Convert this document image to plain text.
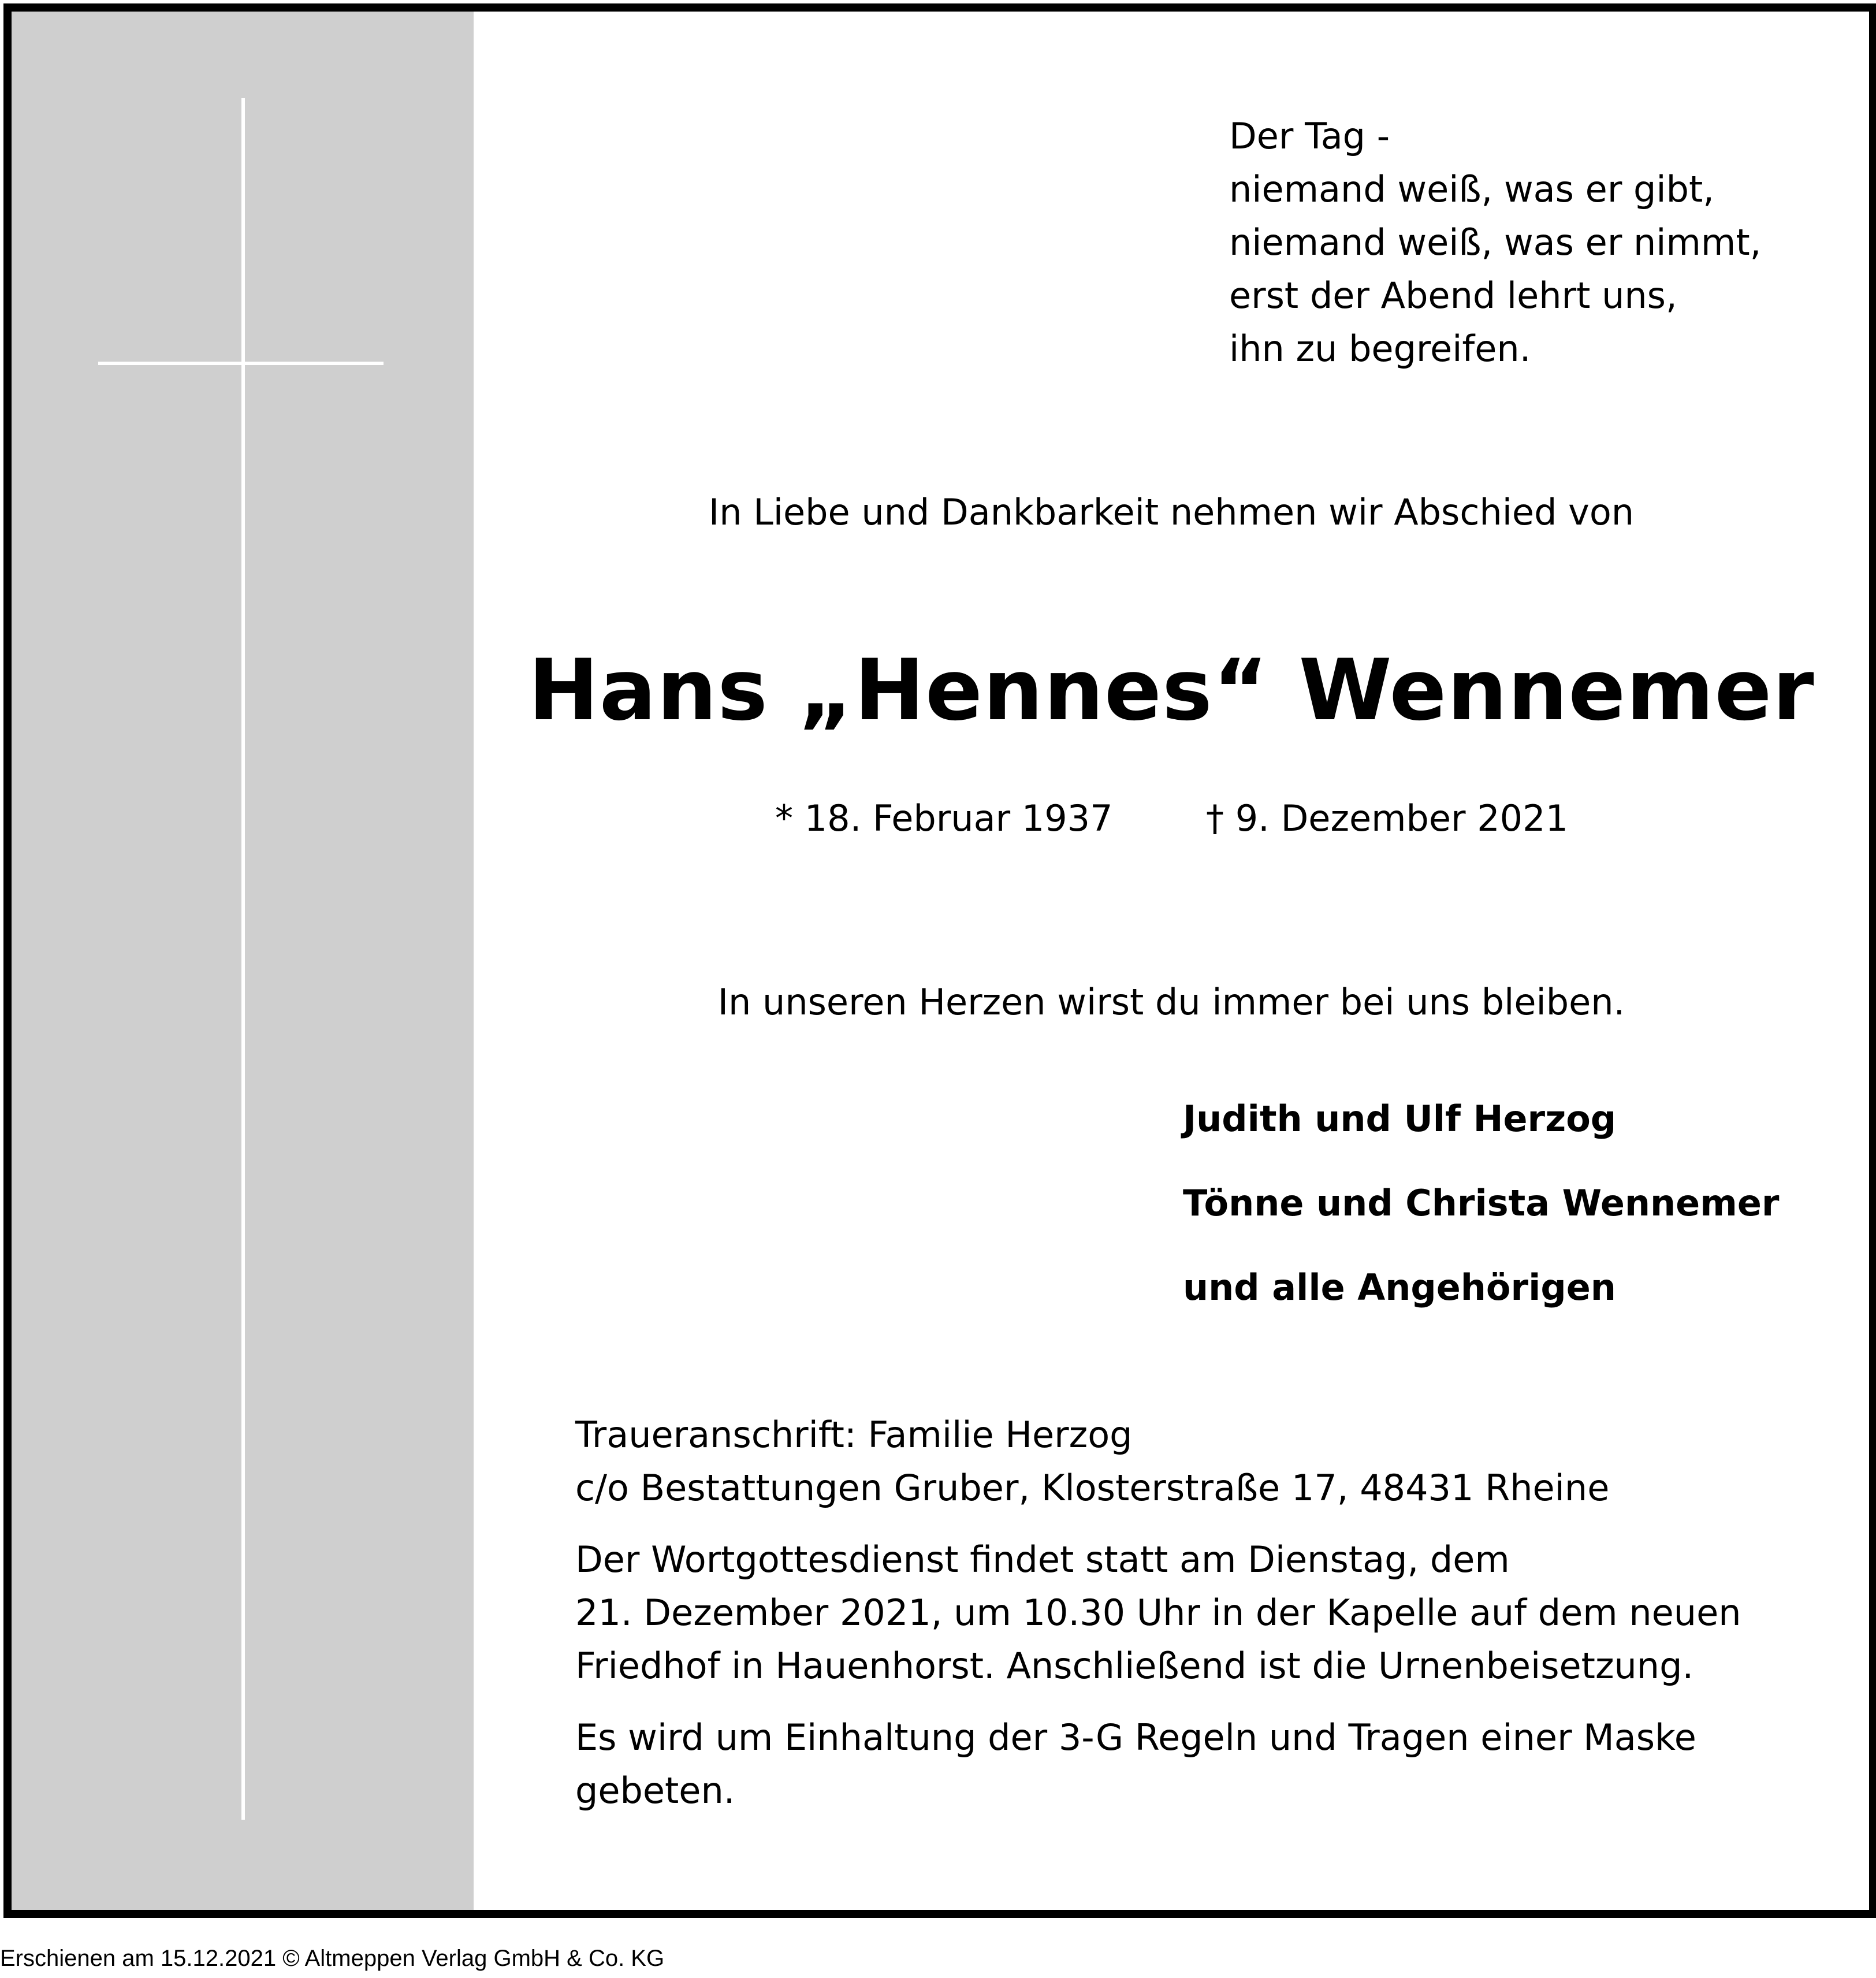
Der Tag -
niemand weiß, was er gibt,
niemand weiß, was er nimmt,
erst der Abend lehrt uns,
ihn zu begreifen.
In Liebe und Dankbarkeit nehmen wir Abschied von
Hans „Hennes“ Wennemer
* 18. Februar 1937	† 9. Dezember 2021
In unseren Herzen wirst du immer bei uns bleiben.
Judith und Ulf Herzog
Tönne und Christa Wennemer
und alle Angehörigen
Traueranschrift: Familie Herzog
c/o Bestattungen Gruber, Klosterstraße 17, 48431 Rheine
Der Wortgottesdienst findet statt am Dienstag, dem
21. Dezember 2021, um 10.30 Uhr in der Kapelle auf dem neuen
Friedhof in Hauenhorst. Anschließend ist die Urnenbeisetzung.
Es wird um Einhaltung der 3-G Regeln und Tragen einer Maske
gebeten.
Erschienen am 15.12.2021 © Altmeppen Verlag GmbH & Co. KG
